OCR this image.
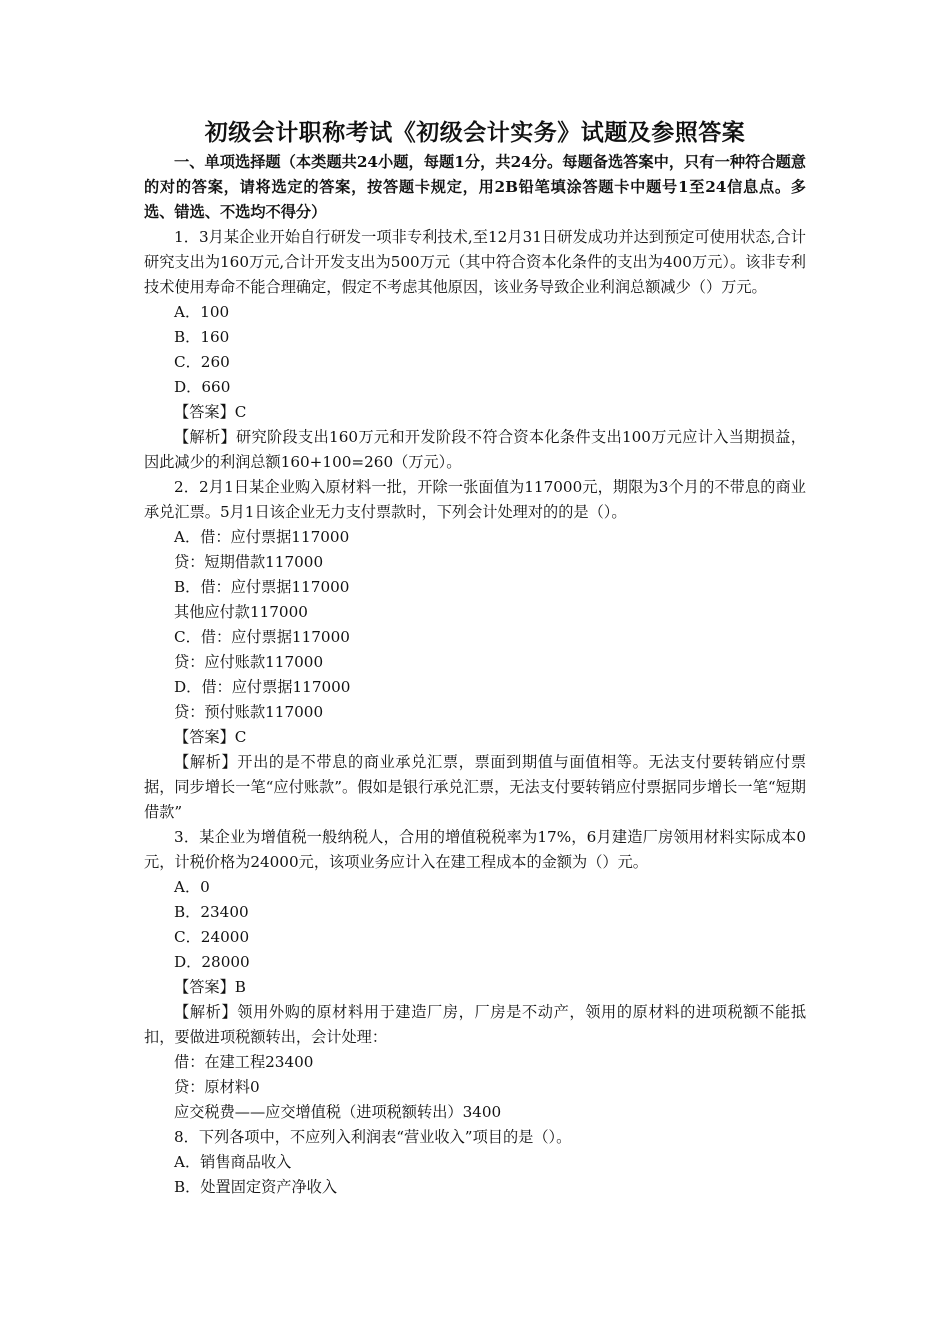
初级会计职称考试《初级会计实务》试题及参照答案
一、单项选择题（本类题共24小题，每题1分，共24分。每题备选答案中，只有一种符合题意的对的答案，请将选定的答案，按答题卡规定，用2B铅笔填涂答题卡中题号1至24信息点。多选、错选、不选均不得分）
1．3月某企业开始自行研发一项非专利技术,至12月31日研发成功并达到预定可使用状态,合计研究支出为160万元,合计开发支出为500万元（其中符合资本化条件的支出为400万元）。该非专利技术使用寿命不能合理确定，假定不考虑其他原因，该业务导致企业利润总额减少（）万元。
A．100
B．160
C．260
D．660
【答案】C
【解析】研究阶段支出160万元和开发阶段不符合资本化条件支出100万元应计入当期损益，因此减少的利润总额160+100=260（万元）。
2．2月1日某企业购入原材料一批，开除一张面值为117000元，期限为3个月的不带息的商业承兑汇票。5月1日该企业无力支付票款时，下列会计处理对的的是（）。
A．借：应付票据117000
贷：短期借款117000
B．借：应付票据117000
其他应付款117000
C．借：应付票据117000
贷：应付账款117000
D．借：应付票据117000
贷：预付账款117000
【答案】C
【解析】开出的是不带息的商业承兑汇票，票面到期值与面值相等。无法支付要转销应付票据，同步增长一笔“应付账款”。假如是银行承兑汇票，无法支付要转销应付票据同步增长一笔“短期借款”
3．某企业为增值税一般纳税人，合用的增值税税率为17%，6月建造厂房领用材料实际成本0元，计税价格为24000元，该项业务应计入在建工程成本的金额为（）元。
A．0
B．23400
C．24000
D．28000
【答案】B
【解析】领用外购的原材料用于建造厂房，厂房是不动产，领用的原材料的进项税额不能抵扣，要做进项税额转出，会计处理：
借：在建工程23400
贷：原材料0
应交税费——应交增值税（进项税额转出）3400
8．下列各项中，不应列入利润表“营业收入”项目的是（）。
A．销售商品收入
B．处置固定资产净收入
